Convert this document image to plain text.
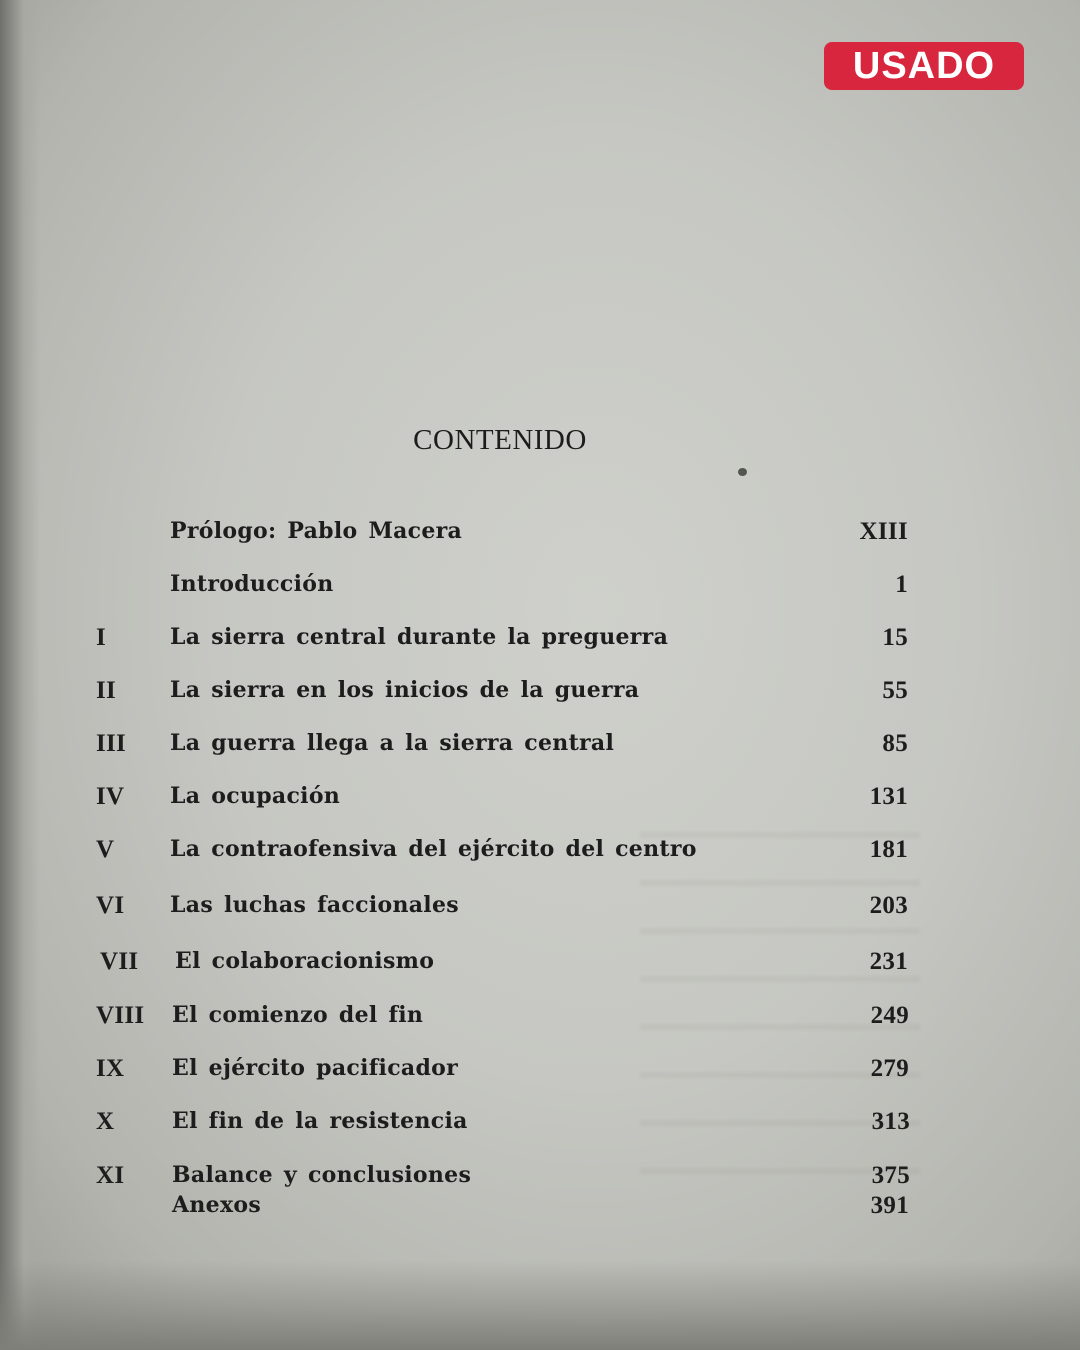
USADO
CONTENIDO
Prólogo: Pablo Macera	XIII
Introducción	1
I	La sierra central durante la preguerra	15
II La sierra en los inicios de la guerra	55
III La guerra llega a la sierra central	85
IV La ocupación	131
V	La contraofensiva del ejército del centro	181
VI Las luchas faccionales	203
VII El colaboracionismo	231
VIII El comienzo del fin	249
IX El ejército pacificador	279
X	El fin de la resistencia	313
XI Balance y conclusiones	375
Anexos	391
